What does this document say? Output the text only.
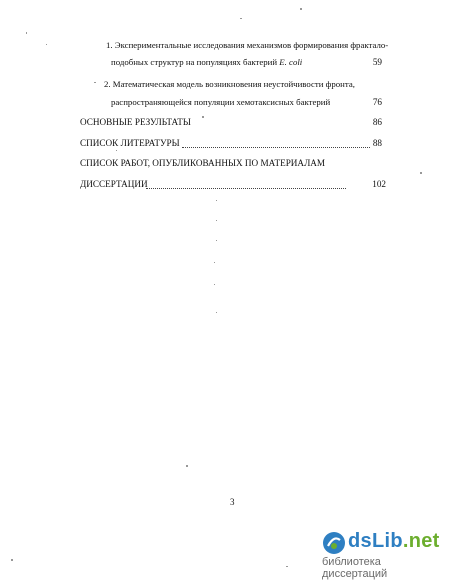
1. Экспериментальные исследования механизмов формирования фрактало-
подобных структур на популяциях бактерий E. coli	59
2. Математическая модель возникновения неустойчивости фронта,
распространяющейся популяции хемотаксисных бактерий	76
ОСНОВНЫЕ РЕЗУЛЬТАТЫ	86
СПИСОК ЛИТЕРАТУРЫ	88
СПИСОК РАБОТ, ОПУБЛИКОВАННЫХ ПО МАТЕРИАЛАМ
ДИССЕРТАЦИИ	102
3
dsLib.net
библиотека диссертаций
